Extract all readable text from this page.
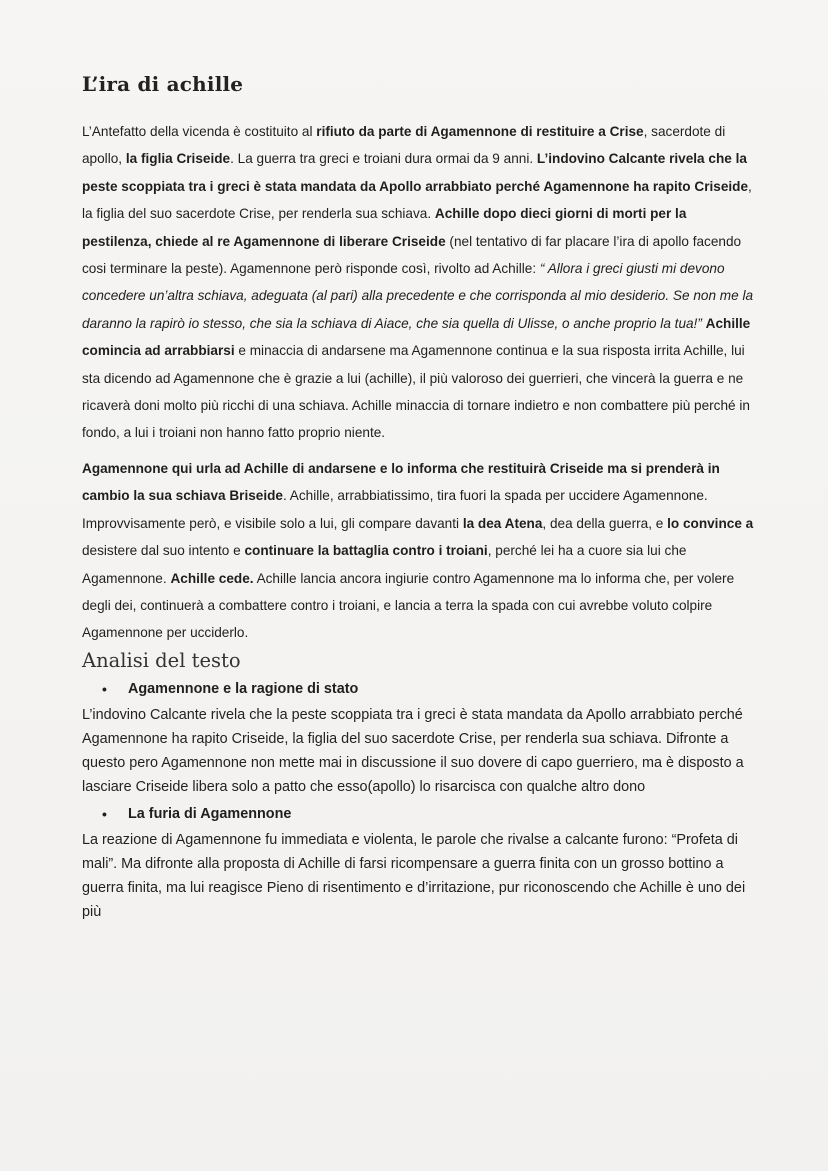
L’ira di achille

L’Antefatto della vicenda è costituito al rifiuto da parte di Agamennone di restituire a Crise, sacerdote di apollo, la figlia Criseide. La guerra tra greci e troiani dura ormai da 9 anni. L’indovino Calcante rivela che la peste scoppiata tra i greci è stata mandata da Apollo arrabbiato perché Agamennone ha rapito Criseide, la figlia del suo sacerdote Crise, per renderla sua schiava. Achille dopo dieci giorni di morti per la pestilenza, chiede al re Agamennone di liberare Criseide (nel tentativo di far placare l’ira di apollo facendo cosi terminare la peste). Agamennone però risponde così, rivolto ad Achille: “ Allora i greci giusti mi devono concedere un’altra schiava, adeguata (al pari) alla precedente e che corrisponda al mio desiderio. Se non me la daranno la rapirò io stesso, che sia la schiava di Aiace, che sia quella di Ulisse, o anche proprio la tua!” Achille comincia ad arrabbiarsi e minaccia di andarsene ma Agamennone continua e la sua risposta irrita Achille, lui sta dicendo ad Agamennone che è grazie a lui (achille), il più valoroso dei guerrieri, che vincerà la guerra e ne ricaverà doni molto più ricchi di una schiava. Achille minaccia di tornare indietro e non combattere più perché in fondo, a lui i troiani non hanno fatto proprio niente.

Agamennone qui urla ad Achille di andarsene e lo informa che restituirà Criseide ma si prenderà in cambio la sua schiava Briseide. Achille, arrabbiatissimo, tira fuori la spada per uccidere Agamennone. Improvvisamente però, e visibile solo a lui, gli compare davanti la dea Atena, dea della guerra, e lo convince a desistere dal suo intento e continuare la battaglia contro i troiani, perché lei ha a cuore sia lui che Agamennone. Achille cede. Achille lancia ancora ingiurie contro Agamennone ma lo informa che, per volere degli dei, continuerà a combattere contro i troiani, e lancia a terra la spada con cui avrebbe voluto colpire Agamennone per ucciderlo.

Analisi del testo
• Agamennone e la ragione di stato

L’indovino Calcante rivela che la peste scoppiata tra i greci è stata mandata da Apollo arrabbiato perché Agamennone ha rapito Criseide, la figlia del suo sacerdote Crise, per renderla sua schiava. Difronte a questo pero Agamennone non mette mai in discussione il suo dovere di capo guerriero, ma è disposto a lasciare Criseide libera solo a patto che esso(apollo) lo risarcisca con qualche altro dono

• La furia di Agamennone

La reazione di Agamennone fu immediata e violenta, le parole che rivalse a calcante furono: “Profeta di mali”. Ma difronte alla proposta di Achille di farsi ricompensare a guerra finita con un grosso bottino a guerra finita, ma lui reagisce Pieno di risentimento e d’irritazione, pur riconoscendo che Achille è uno dei più
